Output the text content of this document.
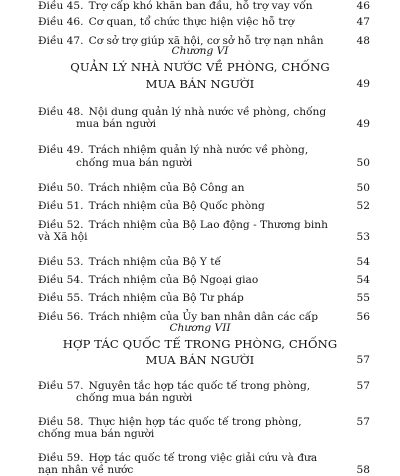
Điều 45.
Trợ cấp khó khăn ban đầu, hỗ trợ vay vốn	46
Điều 46.
Cơ quan, tổ chức thực hiện việc hỗ trợ	47
Điều 47.
Cơ sở trợ giúp xã hội, cơ sở hỗ trợ nạn nhân	48
Chương VI
QUẢN LÝ NHÀ NƯỚC VỀ PHÒNG, CHỐNG
MUA BÁN NGƯỜI	49
Điều 48.
Nội dung quản lý nhà nước về phòng, chống
mua bán người	49
Điều 49.
Trách nhiệm quản lý nhà nước về phòng,
chống mua bán người	50
Điều 50.
Trách nhiệm của Bộ Công an	50
Điều 51.
Trách nhiệm của Bộ Quốc phòng	52
Điều 52.
Trách nhiệm của Bộ Lao động - Thương binh
và Xã hội	53
Điều 53.
Trách nhiệm của Bộ Y tế	54
Điều 54.
Trách nhiệm của Bộ Ngoại giao	54
Điều 55.
Trách nhiệm của Bộ Tư pháp	55
Điều 56.
Trách nhiệm của Ủy ban nhân dân các cấp	56
Chương VII
HỢP TÁC QUỐC TẾ TRONG PHÒNG, CHỐNG
MUA BÁN NGƯỜI	57
Điều 57.
Nguyên tắc hợp tác quốc tế trong phòng,	57
chống mua bán người
Điều 58.
Thực hiện hợp tác quốc tế trong phòng,	57
chống mua bán người
Điều 59.
Hợp tác quốc tế trong việc giải cứu và đưa
nạn nhân về nước	58
